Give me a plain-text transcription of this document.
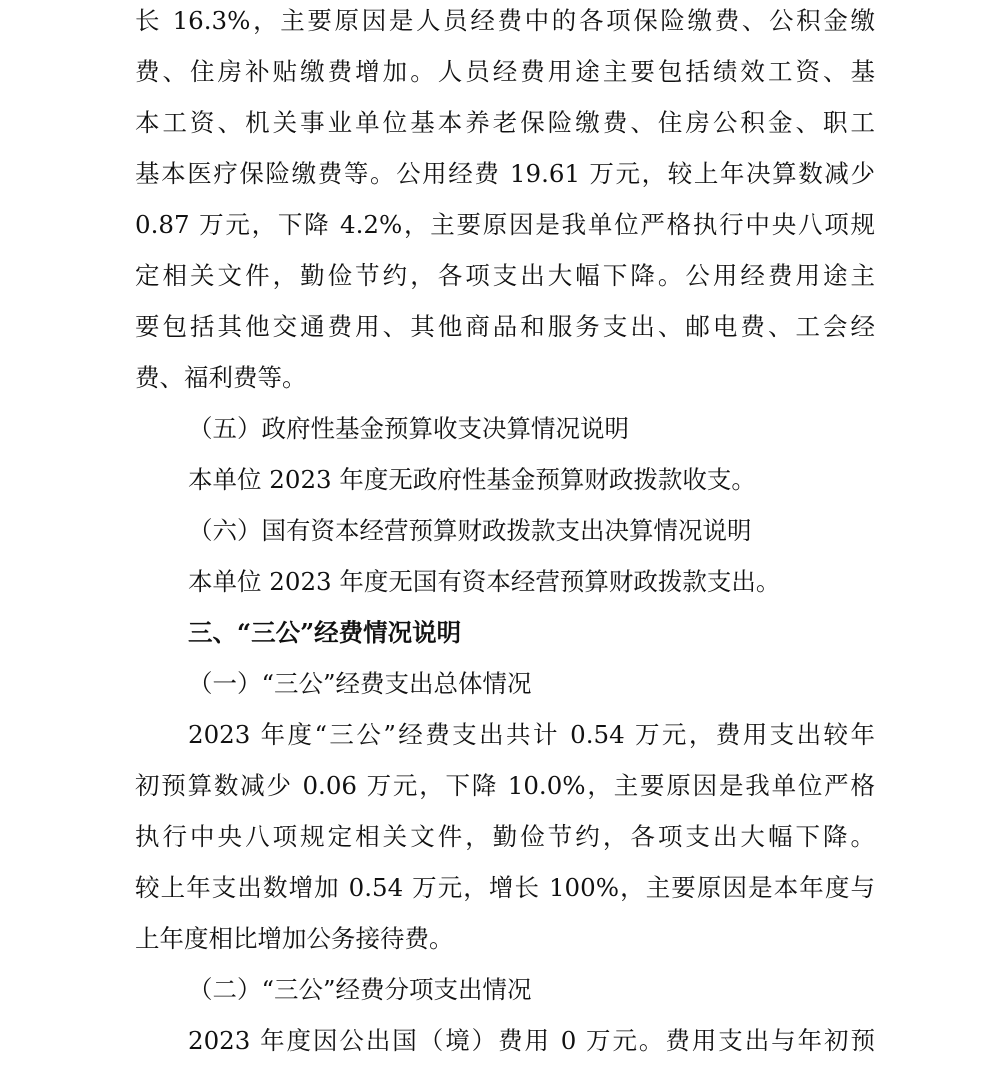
长 16.3%，主要原因是人员经费中的各项保险缴费、公积金缴
费、住房补贴缴费增加。人员经费用途主要包括绩效工资、基
本工资、机关事业单位基本养老保险缴费、住房公积金、职工
基本医疗保险缴费等。公用经费 19.61 万元，较上年决算数减少
0.87 万元，下降 4.2%，主要原因是我单位严格执行中央八项规
定相关文件，勤俭节约，各项支出大幅下降。公用经费用途主
要包括其他交通费用、其他商品和服务支出、邮电费、工会经
费、福利费等。
（五）政府性基金预算收支决算情况说明
本单位 2023 年度无政府性基金预算财政拨款收支。
（六）国有资本经营预算财政拨款支出决算情况说明
本单位 2023 年度无国有资本经营预算财政拨款支出。
三、“三公”经费情况说明
（一）“三公”经费支出总体情况
2023 年度“三公”经费支出共计 0.54 万元，费用支出较年
初预算数减少 0.06 万元，下降 10.0%，主要原因是我单位严格
执行中央八项规定相关文件，勤俭节约，各项支出大幅下降。
较上年支出数增加 0.54 万元，增长 100%，主要原因是本年度与
上年度相比增加公务接待费。
（二）“三公”经费分项支出情况
2023 年度因公出国（境）费用 0 万元。费用支出与年初预
